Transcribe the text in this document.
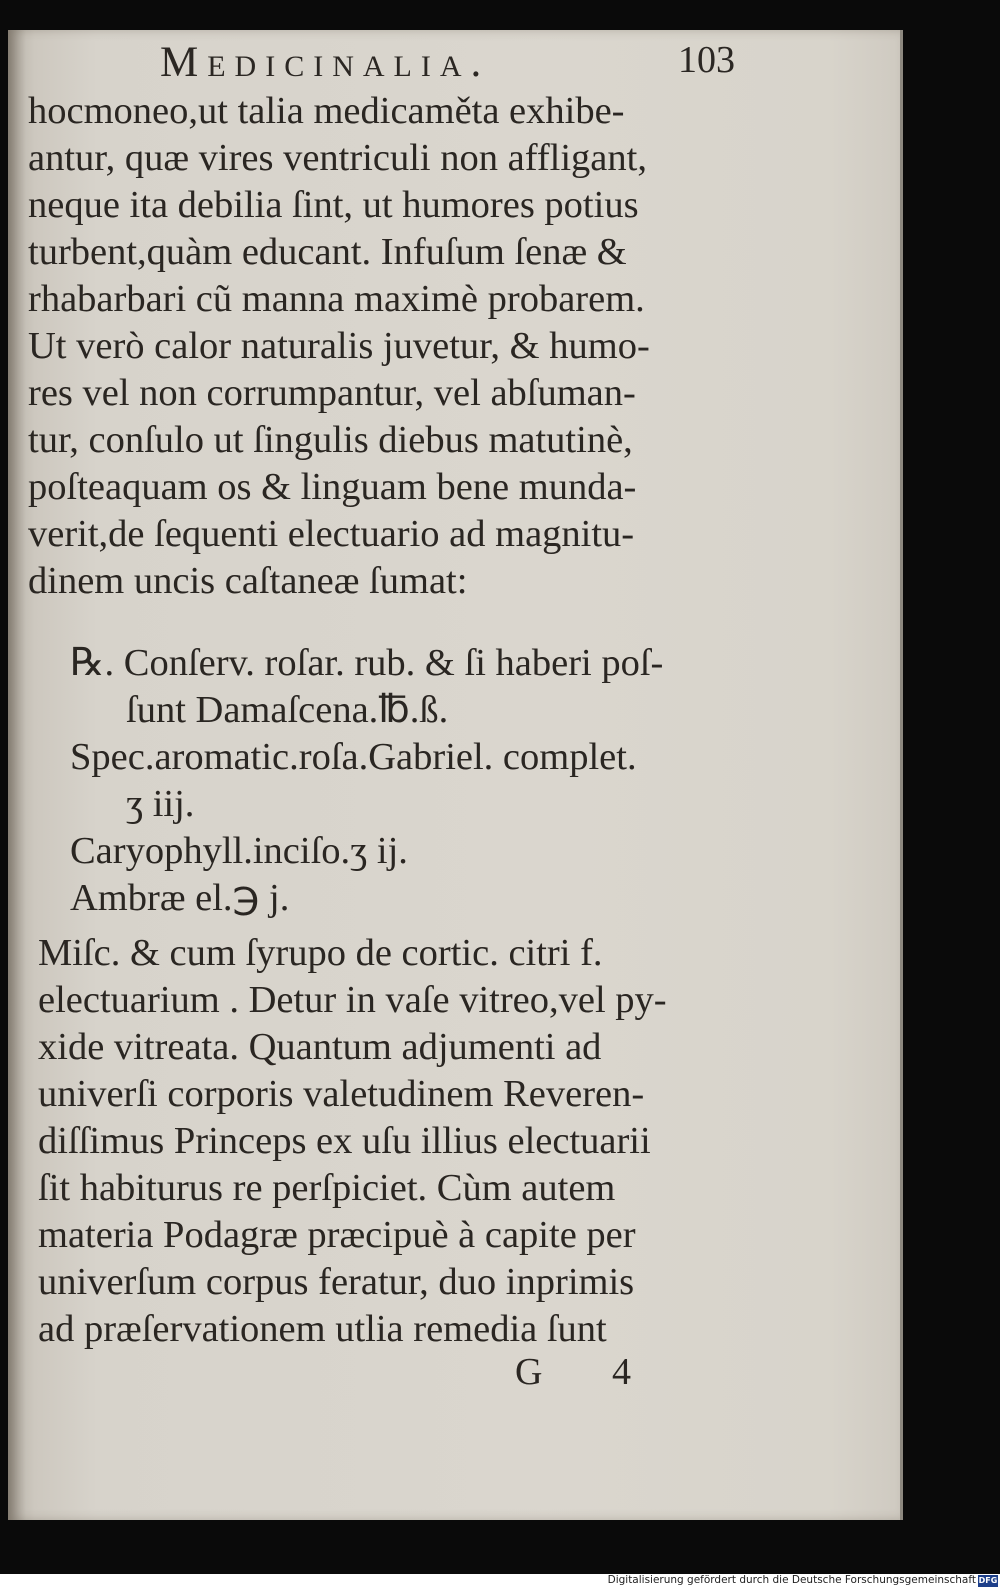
Medicinalia.	103
hocmoneo,ut talia medicaměta exhibe-
antur, quæ vires ventriculi non affligant,
neque ita debilia ſint, ut humores potius
turbent,quàm educant. Infuſum ſenæ &
rhabarbari cũ manna maximè probarem.
Ut verò calor naturalis juvetur, & humo-
res vel non corrumpantur, vel abſuman-
tur, conſulo ut ſingulis diebus matutinè,
poſteaquam os & linguam bene munda-
verit,de ſequenti electuario ad magnitu-
dinem uncis caſtaneæ ſumat:
℞. Conſerv. roſar. rub. & ſi haberi poſ-
ſunt Damaſcena.℔.ß.
Spec.aromatic.roſa.Gabriel. complet.
ʒ iij.
Caryophyll.inciſo.ʒ ij.
Ambræ el.℈ j.
Miſc. & cum ſyrupo de cortic. citri f.
electuarium . Detur in vaſe vitreo,vel py-
xide vitreata. Quantum adjumenti ad
univerſi corporis valetudinem Reveren-
diſſimus Princeps ex uſu illius electuarii
ſit habiturus re perſpiciet. Cùm autem
materia Podagræ præcipuè à capite per
univerſum corpus feratur, duo inprimis
ad præſervationem utlia remedia ſunt
G 4
Digitalisierung gefördert durch die Deutsche Forschungsgemeinschaft DFG
